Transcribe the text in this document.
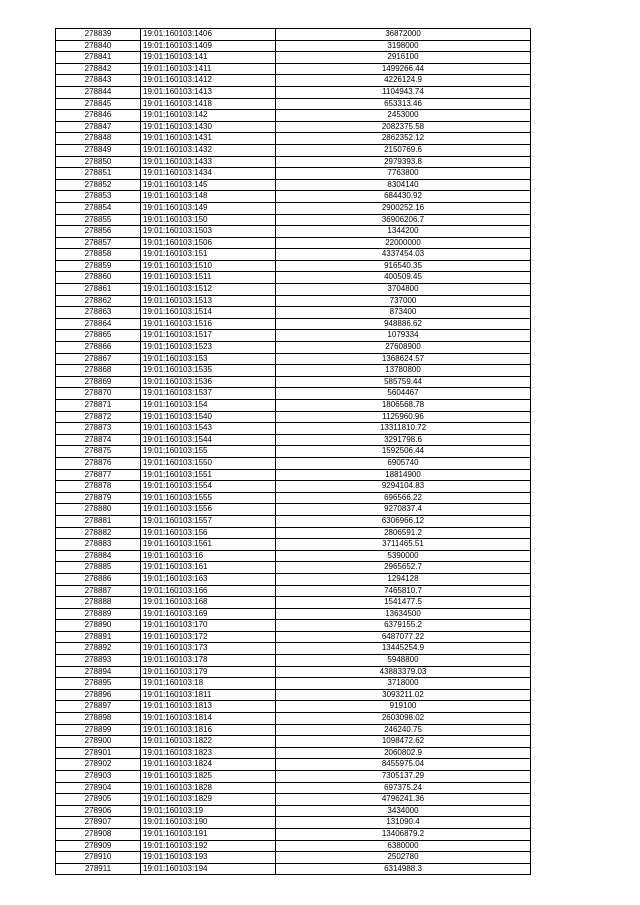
278839	19:01:160103:1406	36872000
278840	19:01:160103:1409	3198000
278841	19:01:160103:141	2916100
278842	19:01:160103:1411	1499266.44
278843	19:01:160103:1412	4226124.9
278844	19:01:160103:1413	1104943.74
278845	19:01:160103:1418	653313.46
278846	19:01:160103:142	2453000
278847	19:01:160103:1430	2082375.58
278848	19:01:160103:1431	2862352.12
278849	19:01:160103:1432	2150769.6
278850	19:01:160103:1433	2979393.8
278851	19:01:160103:1434	7763800
278852	19:01:160103:145	8304140
278853	19:01:160103:148	684430.92
278854	19:01:160103:149	2900252.16
278855	19:01:160103:150	36906206.7
278856	19:01:160103:1503	1344200
278857	19:01:160103:1506	22000000
278858	19:01:160103:151	4337454.03
278859	19:01:160103:1510	916540.35
278860	19:01:160103:1511	400509.45
278861	19:01:160103:1512	3704800
278862	19:01:160103:1513	737000
278863	19:01:160103:1514	873400
278864	19:01:160103:1516	948886.62
278865	19:01:160103:1517	1079334
278866	19:01:160103:1523	27608900
278867	19:01:160103:153	1368624.57
278868	19:01:160103:1535	13780800
278869	19:01:160103:1536	585759.44
278870	19:01:160103:1537	5604467
278871	19:01:160103:154	1806568.78
278872	19:01:160103:1540	1125960.96
278873	19:01:160103:1543	13311810.72
278874	19:01:160103:1544	3291798.6
278875	19:01:160103:155	1592506.44
278876	19:01:160103:1550	6905740
278877	19:01:160103:1551	18814900
278878	19:01:160103:1554	9294104.83
278879	19:01:160103:1555	696566.22
278880	19:01:160103:1556	9270837.4
278881	19:01:160103:1557	6306966.12
278882	19:01:160103:156	2806591.2
278883	19:01:160103:1561	3711465.51
278884	19:01:160103:16	5390000
278885	19:01:160103:161	2965652.7
278886	19:01:160103:163	1294128
278887	19:01:160103:166	7465810.7
278888	19:01:160103:168	1541477.5
278889	19:01:160103:169	13634500
278890	19:01:160103:170	6379155.2
278891	19:01:160103:172	6487077.22
278892	19:01:160103:173	13445254.9
278893	19:01:160103:178	5948800
278894	19:01:160103:179	43883379.03
278895	19:01:160103:18	3718000
278896	19:01:160103:1811	3093211.02
278897	19:01:160103:1813	919100
278898	19:01:160103:1814	2603098.02
278899	19:01:160103:1816	246240.75
278900	19:01:160103:1822	1098472.62
278901	19:01:160103:1823	2060802.9
278902	19:01:160103:1824	8455975.04
278903	19:01:160103:1825	7305137.29
278904	19:01:160103:1828	697375.24
278905	19:01:160103:1829	4796241.36
278906	19:01:160103:19	3434000
278907	19:01:160103:190	131090.4
278908	19:01:160103:191	13406879.2
278909	19:01:160103:192	6380000
278910	19:01:160103:193	2502780
278911	19:01:160103:194	6314988.3
